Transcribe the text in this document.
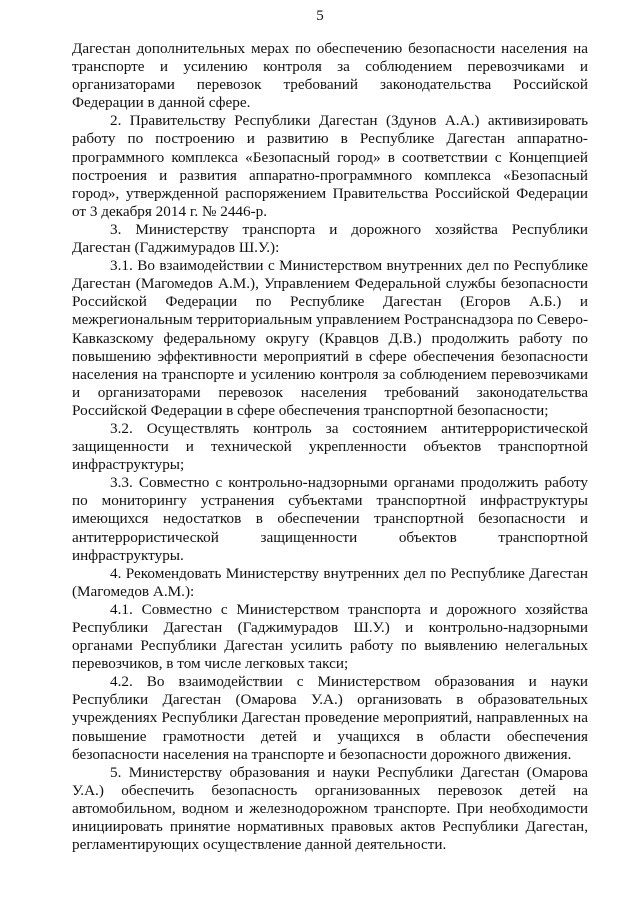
5

Дагестан дополнительных мерах по обеспечению безопасности населения на транспорте и усилению контроля за соблюдением перевозчиками и организаторами перевозок требований законодательства Российской Федерации в данной сфере.

2. Правительству Республики Дагестан (Здунов А.А.) активизировать работу по построению и развитию в Республике Дагестан аппаратно-программного комплекса «Безопасный город» в соответствии с Концепцией построения и развития аппаратно-программного комплекса «Безопасный город», утвержденной распоряжением Правительства Российской Федерации от 3 декабря 2014 г. № 2446-р.

3. Министерству транспорта и дорожного хозяйства Республики Дагестан (Гаджимурадов Ш.У.):

3.1. Во взаимодействии с Министерством внутренних дел по Республике Дагестан (Магомедов А.М.), Управлением Федеральной службы безопасности Российской Федерации по Республике Дагестан (Егоров А.Б.) и межрегиональным территориальным управлением Ространснадзора по Северо-Кавказскому федеральному округу (Кравцов Д.В.) продолжить работу по повышению эффективности мероприятий в сфере обеспечения безопасности населения на транспорте и усилению контроля за соблюдением перевозчиками и организаторами перевозок населения требований законодательства Российской Федерации в сфере обеспечения транспортной безопасности;

3.2. Осуществлять контроль за состоянием антитеррористической защищенности и технической укрепленности объектов транспортной инфраструктуры;

3.3. Совместно с контрольно-надзорными органами продолжить работу по мониторингу устранения субъектами транспортной инфраструктуры имеющихся недостатков в обеспечении транспортной безопасности и антитеррористической защищенности объектов транспортной инфраструктуры.

4. Рекомендовать Министерству внутренних дел по Республике Дагестан (Магомедов А.М.):

4.1. Совместно с Министерством транспорта и дорожного хозяйства Республики Дагестан (Гаджимурадов Ш.У.) и контрольно-надзорными органами Республики Дагестан усилить работу по выявлению нелегальных перевозчиков, в том числе легковых такси;

4.2. Во взаимодействии с Министерством образования и науки Республики Дагестан (Омарова У.А.) организовать в образовательных учреждениях Республики Дагестан проведение мероприятий, направленных на повышение грамотности детей и учащихся в области обеспечения безопасности населения на транспорте и безопасности дорожного движения.

5. Министерству образования и науки Республики Дагестан (Омарова У.А.) обеспечить безопасность организованных перевозок детей на автомобильном, водном и железнодорожном транспорте. При необходимости инициировать принятие нормативных правовых актов Республики Дагестан, регламентирующих осуществление данной деятельности.
